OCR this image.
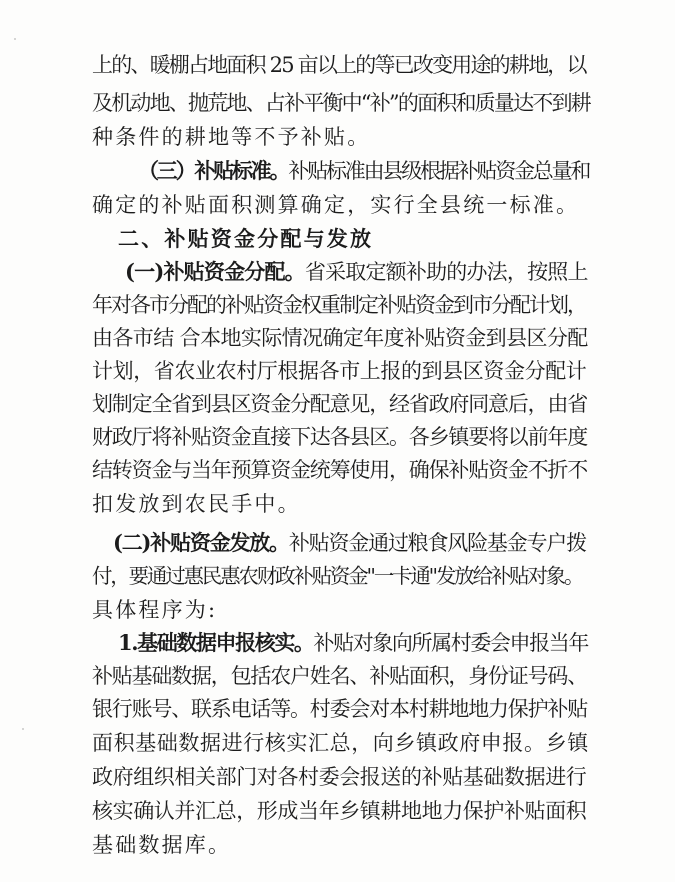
上的、暖棚占地面积 25 亩以上的等已改变用途的耕地，以
及机动地、抛荒地、占补平衡中“补”的面积和质量达不到耕
种条件的耕地等不予补贴。
（三）补贴标准。补贴标准由县级根据补贴资金总量和
确定的补贴面积测算确定，实行全县统一标准。
二、补贴资金分配与发放
(一)补贴资金分配。省采取定额补助的办法，按照上
年对各市分配的补贴资金权重制定补贴资金到市分配计划，
由各市结 合本地实际情况确定年度补贴资金到县区分配
计划，省农业农村厅根据各市上报的到县区资金分配计
划制定全省到县区资金分配意见，经省政府同意后，由省
财政厅将补贴资金直接下达各县区。各乡镇要将以前年度
结转资金与当年预算资金统筹使用，确保补贴资金不折不
扣发放到农民手中。
(二)补贴资金发放。补贴资金通过粮食风险基金专户拨
付，要通过惠民惠农财政补贴资金"一卡通"发放给补贴对象。
具体程序为:
1.基础数据申报核实。补贴对象向所属村委会申报当年
补贴基础数据，包括农户姓名、补贴面积，身份证号码、
银行账号、联系电话等。村委会对本村耕地地力保护补贴
面积基础数据进行核实汇总，向乡镇政府申报。乡镇
政府组织相关部门对各村委会报送的补贴基础数据进行
核实确认并汇总，形成当年乡镇耕地地力保护补贴面积
基础数据库。
